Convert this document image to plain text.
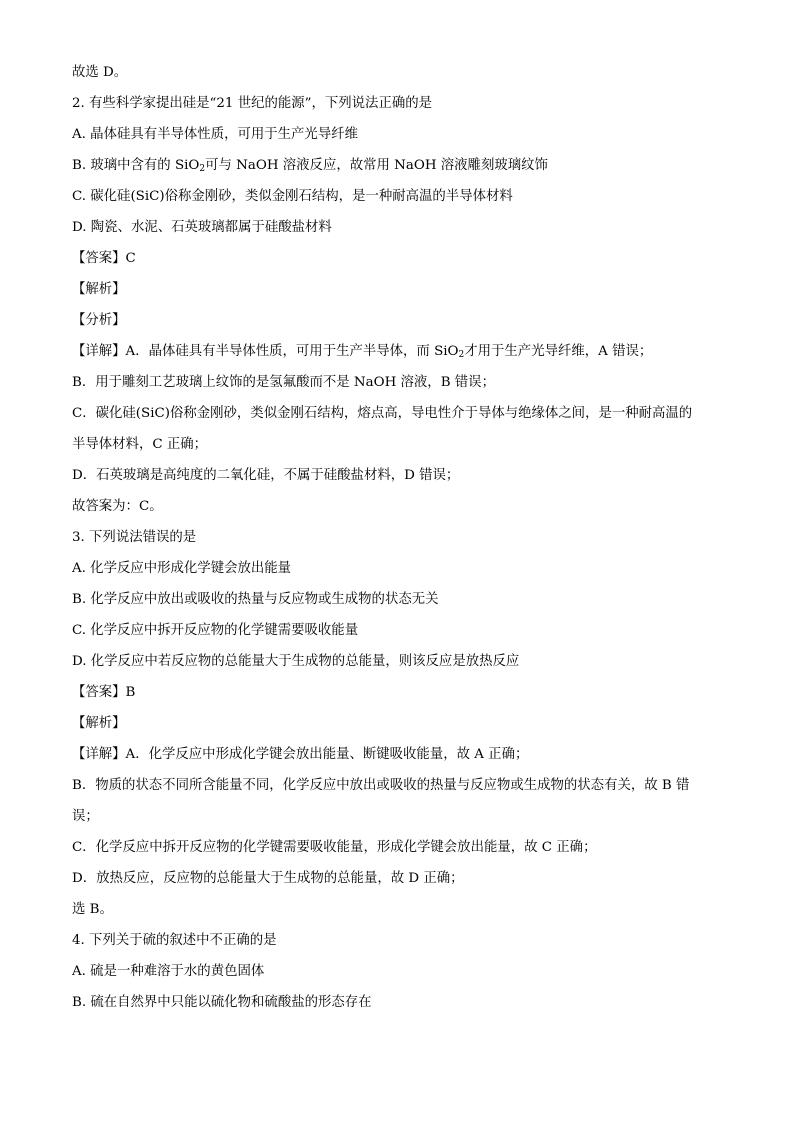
故选 D。
2. 有些科学家提出硅是“21 世纪的能源”，下列说法正确的是
A. 晶体硅具有半导体性质，可用于生产光导纤维
B. 玻璃中含有的 SiO$_2$可与 NaOH 溶液反应，故常用 NaOH 溶液雕刻玻璃纹饰
C. 碳化硅(SiC)俗称金刚砂，类似金刚石结构，是一种耐高温的半导体材料
D. 陶瓷、水泥、石英玻璃都属于硅酸盐材料
【答案】C
【解析】
【分析】
【详解】A．晶体硅具有半导体性质，可用于生产半导体，而 SiO$_2$才用于生产光导纤维，A 错误；
B．用于雕刻工艺玻璃上纹饰的是氢氟酸而不是 NaOH 溶液，B 错误；
C．碳化硅(SiC)俗称金刚砂，类似金刚石结构，熔点高，导电性介于导体与绝缘体之间，是一种耐高温的
半导体材料，C 正确；
D．石英玻璃是高纯度的二氧化硅，不属于硅酸盐材料，D 错误；
故答案为：C。
3. 下列说法错误的是
A. 化学反应中形成化学键会放出能量
B. 化学反应中放出或吸收的热量与反应物或生成物的状态无关
C. 化学反应中拆开反应物的化学键需要吸收能量
D. 化学反应中若反应物的总能量大于生成物的总能量，则该反应是放热反应
【答案】B
【解析】
【详解】A．化学反应中形成化学键会放出能量、断键吸收能量，故 A 正确；
B．物质的状态不同所含能量不同，化学反应中放出或吸收的热量与反应物或生成物的状态有关，故 B 错
误；
C．化学反应中拆开反应物的化学键需要吸收能量，形成化学键会放出能量，故 C 正确；
D．放热反应，反应物的总能量大于生成物的总能量，故 D 正确；
选 B。
4. 下列关于硫的叙述中不正确的是
A. 硫是一种难溶于水的黄色固体
B. 硫在自然界中只能以硫化物和硫酸盐的形态存在
